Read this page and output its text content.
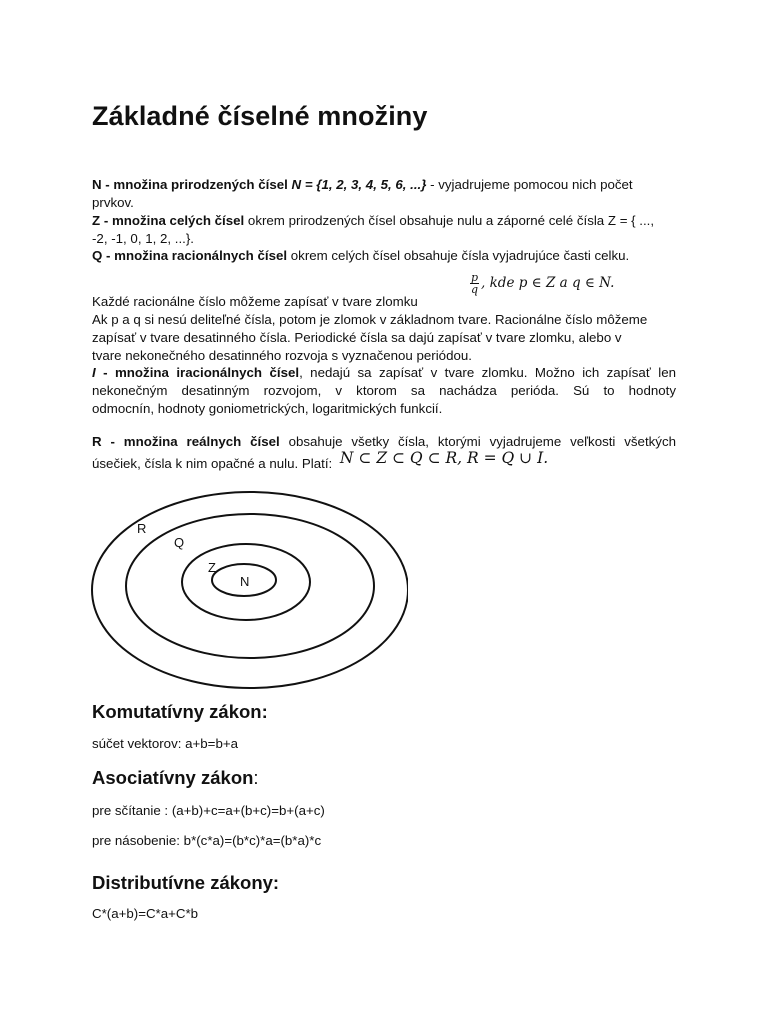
Základné číselné množiny
N - množina prirodzených čísel N = {1, 2, 3, 4, 5, 6, ...} - vyjadrujeme pomocou nich počet
prvkov.
Z - množina celých čísel okrem prirodzených čísel obsahuje nulu a záporné celé čísla Z = { ...,
-2, -1, 0, 1, 2, ...}.
Q - množina racionálnych čísel okrem celých čísel obsahuje čísla vyjadrujúce časti celku.
$\frac{p}{q}$ , kde p ∈ Z a q ∈ N.
Každé racionálne číslo môžeme zapísať v tvare zlomku
Ak p a q si nesú deliteľné čísla, potom je zlomok v základnom tvare. Racionálne číslo môžeme
zapísať v tvare desatinného čísla. Periodické čísla sa dajú zapísať v tvare zlomku, alebo v
tvare nekonečného desatinného rozvoja s vyznačenou periódou.
I - množina iracionálnych čísel, nedajú sa zapísať v tvare zlomku. Možno ich zapísať len
nekonečným desatinným rozvojom, v ktorom sa nachádza perióda. Sú to hodnoty
odmocnín, hodnoty goniometrických, logaritmických funkcií.
R - množina reálnych čísel obsahuje všetky čísla, ktorými vyjadrujeme veľkosti všetkých
úsečiek, čísla k nim opačné a nulu. Platí: N ⊂ Z ⊂ Q ⊂ R, R = Q ∪ I.
R
Q
Z
N
Komutatívny zákon:
súčet vektorov: a+b=b+a
Asociatívny zákon:
pre sčítanie : (a+b)+c=a+(b+c)=b+(a+c)
pre násobenie: b*(c*a)=(b*c)*a=(b*a)*c
Distributívne zákony:
C*(a+b)=C*a+C*b
